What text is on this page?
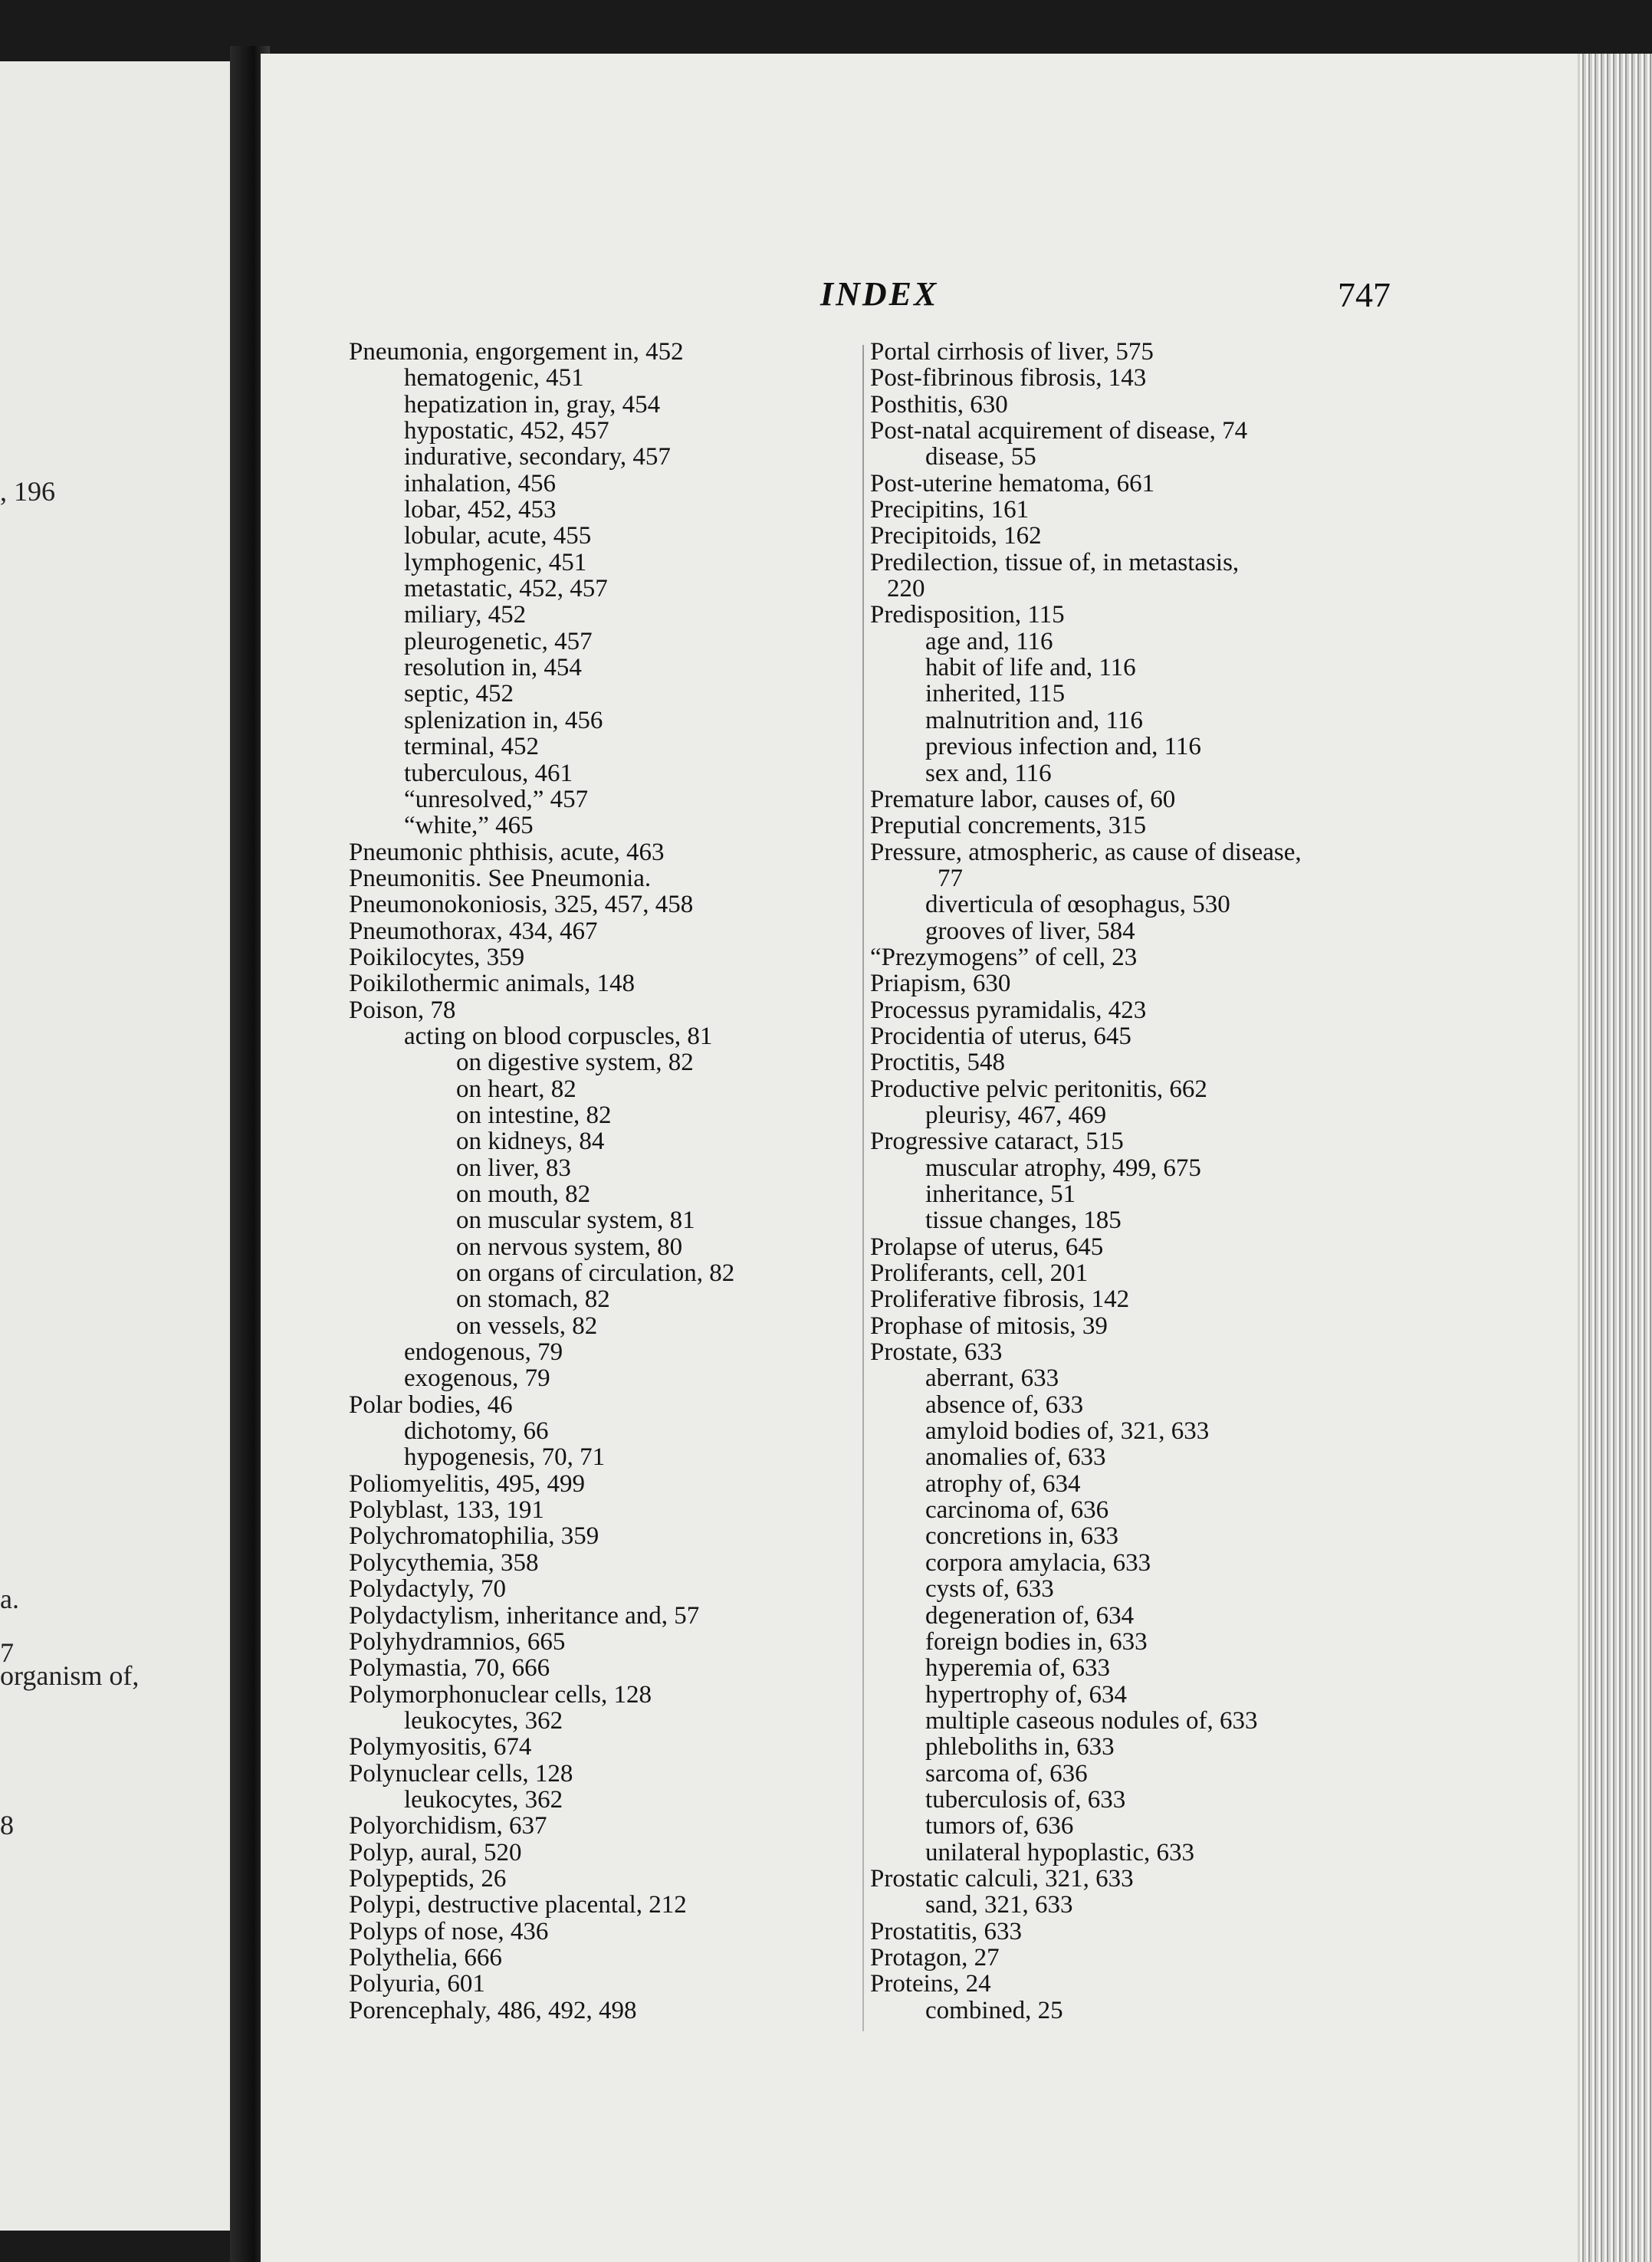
, 196
a.
7
organism of,
8
INDEX	747
Pneumonia, engorgement in, 452
hematogenic, 451
hepatization in, gray, 454
hypostatic, 452, 457
indurative, secondary, 457
inhalation, 456
lobar, 452, 453
lobular, acute, 455
lymphogenic, 451
metastatic, 452, 457
miliary, 452
pleurogenetic, 457
resolution in, 454
septic, 452
splenization in, 456
terminal, 452
tuberculous, 461
“unresolved,” 457
“white,” 465
Pneumonic phthisis, acute, 463
Pneumonitis. See Pneumonia.
Pneumonokoniosis, 325, 457, 458
Pneumothorax, 434, 467
Poikilocytes, 359
Poikilothermic animals, 148
Poison, 78
acting on blood corpuscles, 81
on digestive system, 82
on heart, 82
on intestine, 82
on kidneys, 84
on liver, 83
on mouth, 82
on muscular system, 81
on nervous system, 80
on organs of circulation, 82
on stomach, 82
on vessels, 82
endogenous, 79
exogenous, 79
Polar bodies, 46
dichotomy, 66
hypogenesis, 70, 71
Poliomyelitis, 495, 499
Polyblast, 133, 191
Polychromatophilia, 359
Polycythemia, 358
Polydactyly, 70
Polydactylism, inheritance and, 57
Polyhydramnios, 665
Polymastia, 70, 666
Polymorphonuclear cells, 128
leukocytes, 362
Polymyositis, 674
Polynuclear cells, 128
leukocytes, 362
Polyorchidism, 637
Polyp, aural, 520
Polypeptids, 26
Polypi, destructive placental, 212
Polyps of nose, 436
Polythelia, 666
Polyuria, 601
Porencephaly, 486, 492, 498
Portal cirrhosis of liver, 575
Post-fibrinous fibrosis, 143
Posthitis, 630
Post-natal acquirement of disease, 74
disease, 55
Post-uterine hematoma, 661
Precipitins, 161
Precipitoids, 162
Predilection, tissue of, in metastasis,
220
Predisposition, 115
age and, 116
habit of life and, 116
inherited, 115
malnutrition and, 116
previous infection and, 116
sex and, 116
Premature labor, causes of, 60
Preputial concrements, 315
Pressure, atmospheric, as cause of disease,
77
diverticula of œsophagus, 530
grooves of liver, 584
“Prezymogens” of cell, 23
Priapism, 630
Processus pyramidalis, 423
Procidentia of uterus, 645
Proctitis, 548
Productive pelvic peritonitis, 662
pleurisy, 467, 469
Progressive cataract, 515
muscular atrophy, 499, 675
inheritance, 51
tissue changes, 185
Prolapse of uterus, 645
Proliferants, cell, 201
Proliferative fibrosis, 142
Prophase of mitosis, 39
Prostate, 633
aberrant, 633
absence of, 633
amyloid bodies of, 321, 633
anomalies of, 633
atrophy of, 634
carcinoma of, 636
concretions in, 633
corpora amylacia, 633
cysts of, 633
degeneration of, 634
foreign bodies in, 633
hyperemia of, 633
hypertrophy of, 634
multiple caseous nodules of, 633
phleboliths in, 633
sarcoma of, 636
tuberculosis of, 633
tumors of, 636
unilateral hypoplastic, 633
Prostatic calculi, 321, 633
sand, 321, 633
Prostatitis, 633
Protagon, 27
Proteins, 24
combined, 25
